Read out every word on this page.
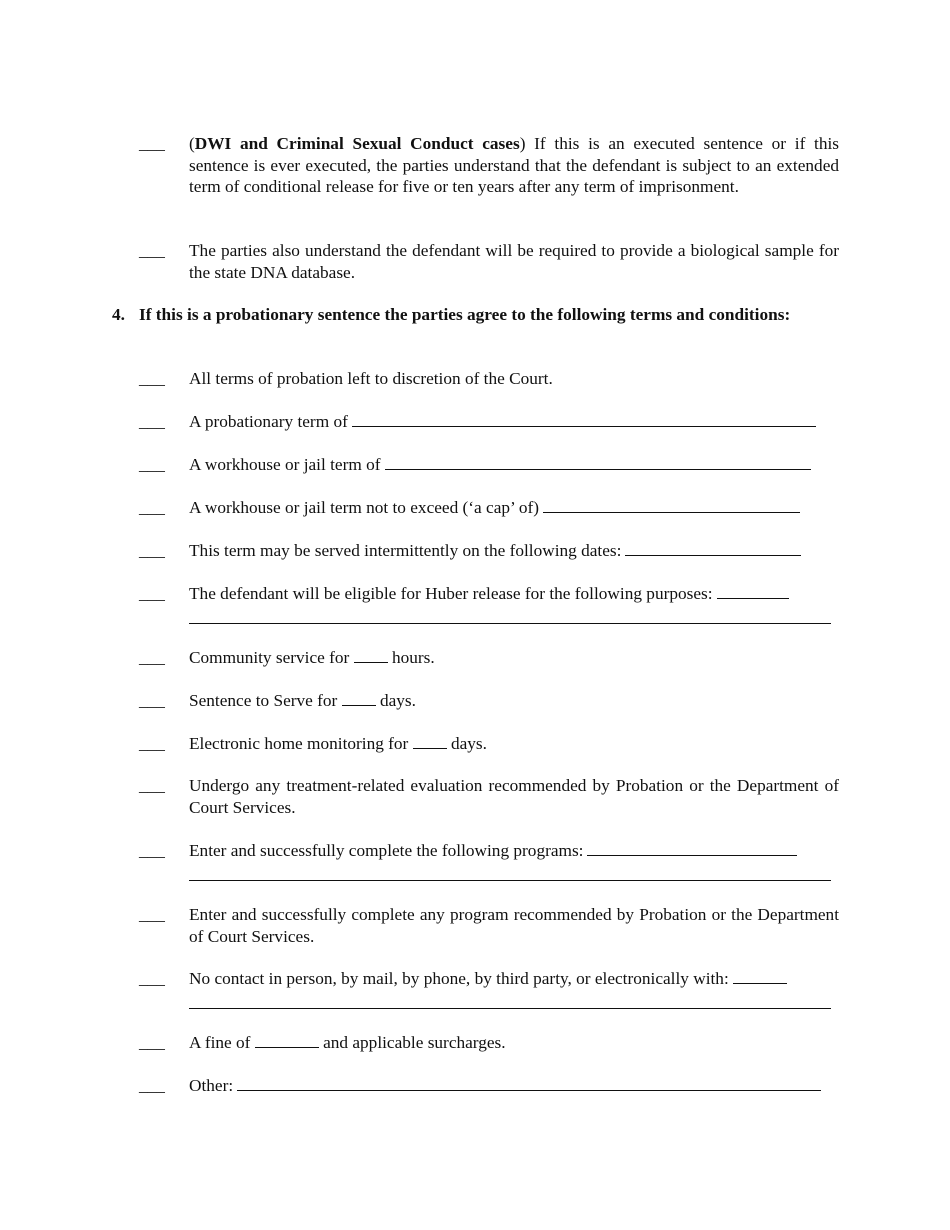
___ (DWI and Criminal Sexual Conduct cases) If this is an executed sentence or if this sentence is ever executed, the parties understand that the defendant is subject to an extended term of conditional release for five or ten years after any term of imprisonment.
___ The parties also understand the defendant will be required to provide a biological sample for the state DNA database.
4. If this is a probationary sentence the parties agree to the following terms and conditions:
___ All terms of probation left to discretion of the Court.
___ A probationary term of
___ A workhouse or jail term of
___ A workhouse or jail term not to exceed (‘a cap’ of)
___ This term may be served intermittently on the following dates:
___ The defendant will be eligible for Huber release for the following purposes:
___ Community service for hours.
___ Sentence to Serve for days.
___ Electronic home monitoring for days.
___ Undergo any treatment-related evaluation recommended by Probation or the Department of Court Services.
___ Enter and successfully complete the following programs:
___ Enter and successfully complete any program recommended by Probation or the Department of Court Services.
___ No contact in person, by mail, by phone, by third party, or electronically with:
___ A fine of	and applicable surcharges.
___ Other:
